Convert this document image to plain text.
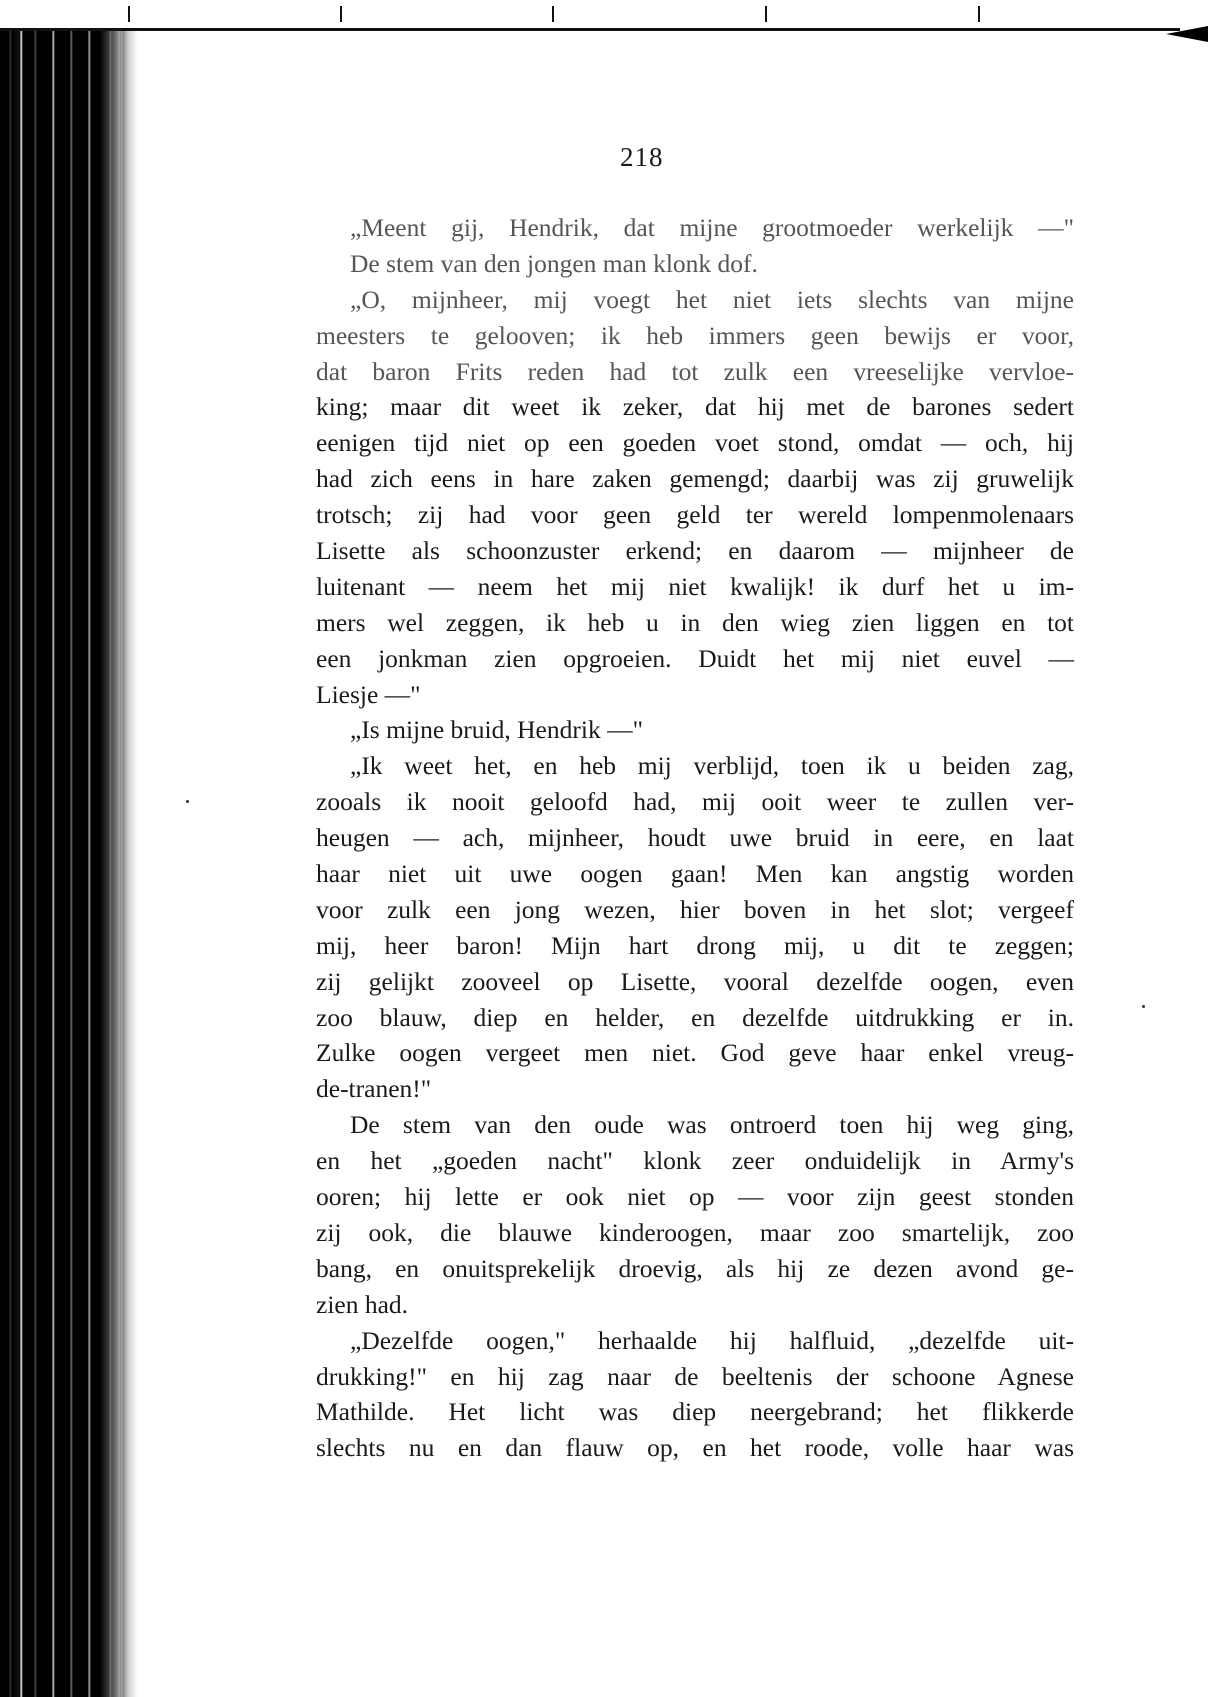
218
„Meent gij, Hendrik, dat mijne grootmoeder werkelijk —"
De stem van den jongen man klonk dof.
„O, mijnheer, mij voegt het niet iets slechts van mijne
meesters te gelooven; ik heb immers geen bewijs er voor,
dat baron Frits reden had tot zulk een vreeselijke vervloe-
king; maar dit weet ik zeker, dat hij met de barones sedert
eenigen tijd niet op een goeden voet stond, omdat — och, hij
had zich eens in hare zaken gemengd; daarbij was zij gruwelijk
trotsch; zij had voor geen geld ter wereld lompenmolenaars
Lisette als schoonzuster erkend; en daarom — mijnheer de
luitenant — neem het mij niet kwalijk! ik durf het u im-
mers wel zeggen, ik heb u in den wieg zien liggen en tot
een jonkman zien opgroeien. Duidt het mij niet euvel —
Liesje —"
„Is mijne bruid, Hendrik —"
„Ik weet het, en heb mij verblijd, toen ik u beiden zag,
zooals ik nooit geloofd had, mij ooit weer te zullen ver-
heugen — ach, mijnheer, houdt uwe bruid in eere, en laat
haar niet uit uwe oogen gaan! Men kan angstig worden
voor zulk een jong wezen, hier boven in het slot; vergeef
mij, heer baron! Mijn hart drong mij, u dit te zeggen;
zij gelijkt zooveel op Lisette, vooral dezelfde oogen, even
zoo blauw, diep en helder, en dezelfde uitdrukking er in.
Zulke oogen vergeet men niet. God geve haar enkel vreug-
de-tranen!"
De stem van den oude was ontroerd toen hij weg ging,
en het „goeden nacht" klonk zeer onduidelijk in Army's
ooren; hij lette er ook niet op — voor zijn geest stonden
zij ook, die blauwe kinderoogen, maar zoo smartelijk, zoo
bang, en onuitsprekelijk droevig, als hij ze dezen avond ge-
zien had.
„Dezelfde oogen," herhaalde hij halfluid, „dezelfde uit-
drukking!" en hij zag naar de beeltenis der schoone Agnese
Mathilde. Het licht was diep neergebrand; het flikkerde
slechts nu en dan flauw op, en het roode, volle haar was
